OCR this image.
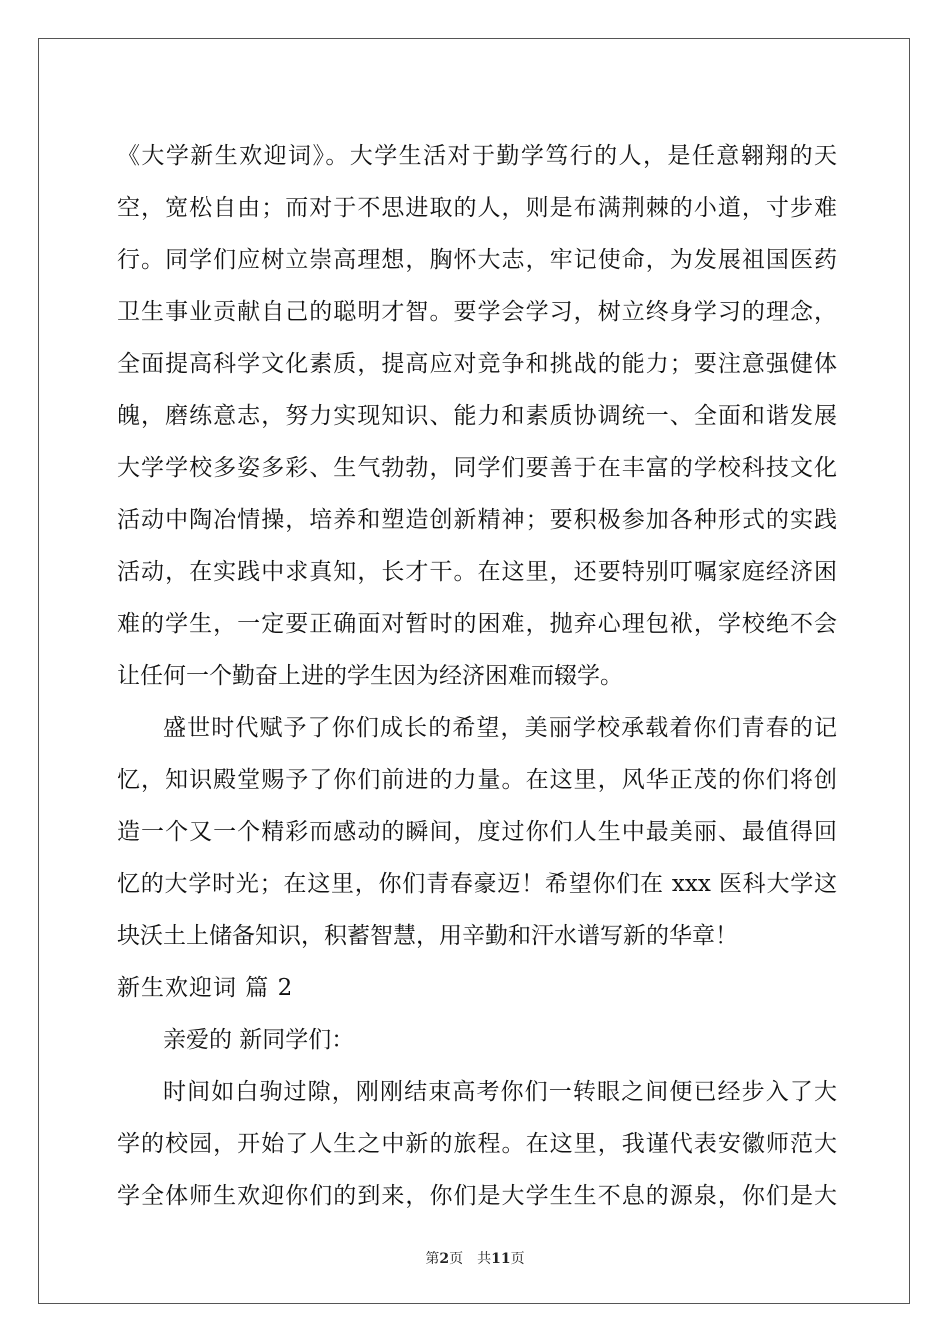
《大学新生欢迎词》。大学生活对于勤学笃行的人，是任意翱翔的天
空，宽松自由；而对于不思进取的人，则是布满荆棘的小道，寸步难
行。同学们应树立崇高理想，胸怀大志，牢记使命，为发展祖国医药
卫生事业贡献自己的聪明才智。要学会学习，树立终身学习的理念，
全面提高科学文化素质，提高应对竞争和挑战的能力；要注意强健体
魄，磨练意志，努力实现知识、能力和素质协调统一、全面和谐发展
大学学校多姿多彩、生气勃勃，同学们要善于在丰富的学校科技文化
活动中陶冶情操，培养和塑造创新精神；要积极参加各种形式的实践
活动，在实践中求真知，长才干。在这里，还要特别叮嘱家庭经济困
难的学生，一定要正确面对暂时的困难，抛弃心理包袱，学校绝不会
让任何一个勤奋上进的学生因为经济困难而辍学。
盛世时代赋予了你们成长的希望，美丽学校承载着你们青春的记
忆，知识殿堂赐予了你们前进的力量。在这里，风华正茂的你们将创
造一个又一个精彩而感动的瞬间，度过你们人生中最美丽、最值得回
忆的大学时光；在这里，你们青春豪迈！希望你们在 xxx 医科大学这
块沃土上储备知识，积蓄智慧，用辛勤和汗水谱写新的华章！
新生欢迎词 篇 2
亲爱的 新同学们：
时间如白驹过隙，刚刚结束高考你们一转眼之间便已经步入了大
学的校园，开始了人生之中新的旅程。在这里，我谨代表安徽师范大
学全体师生欢迎你们的到来，你们是大学生生不息的源泉，你们是大
第2页 共11页
